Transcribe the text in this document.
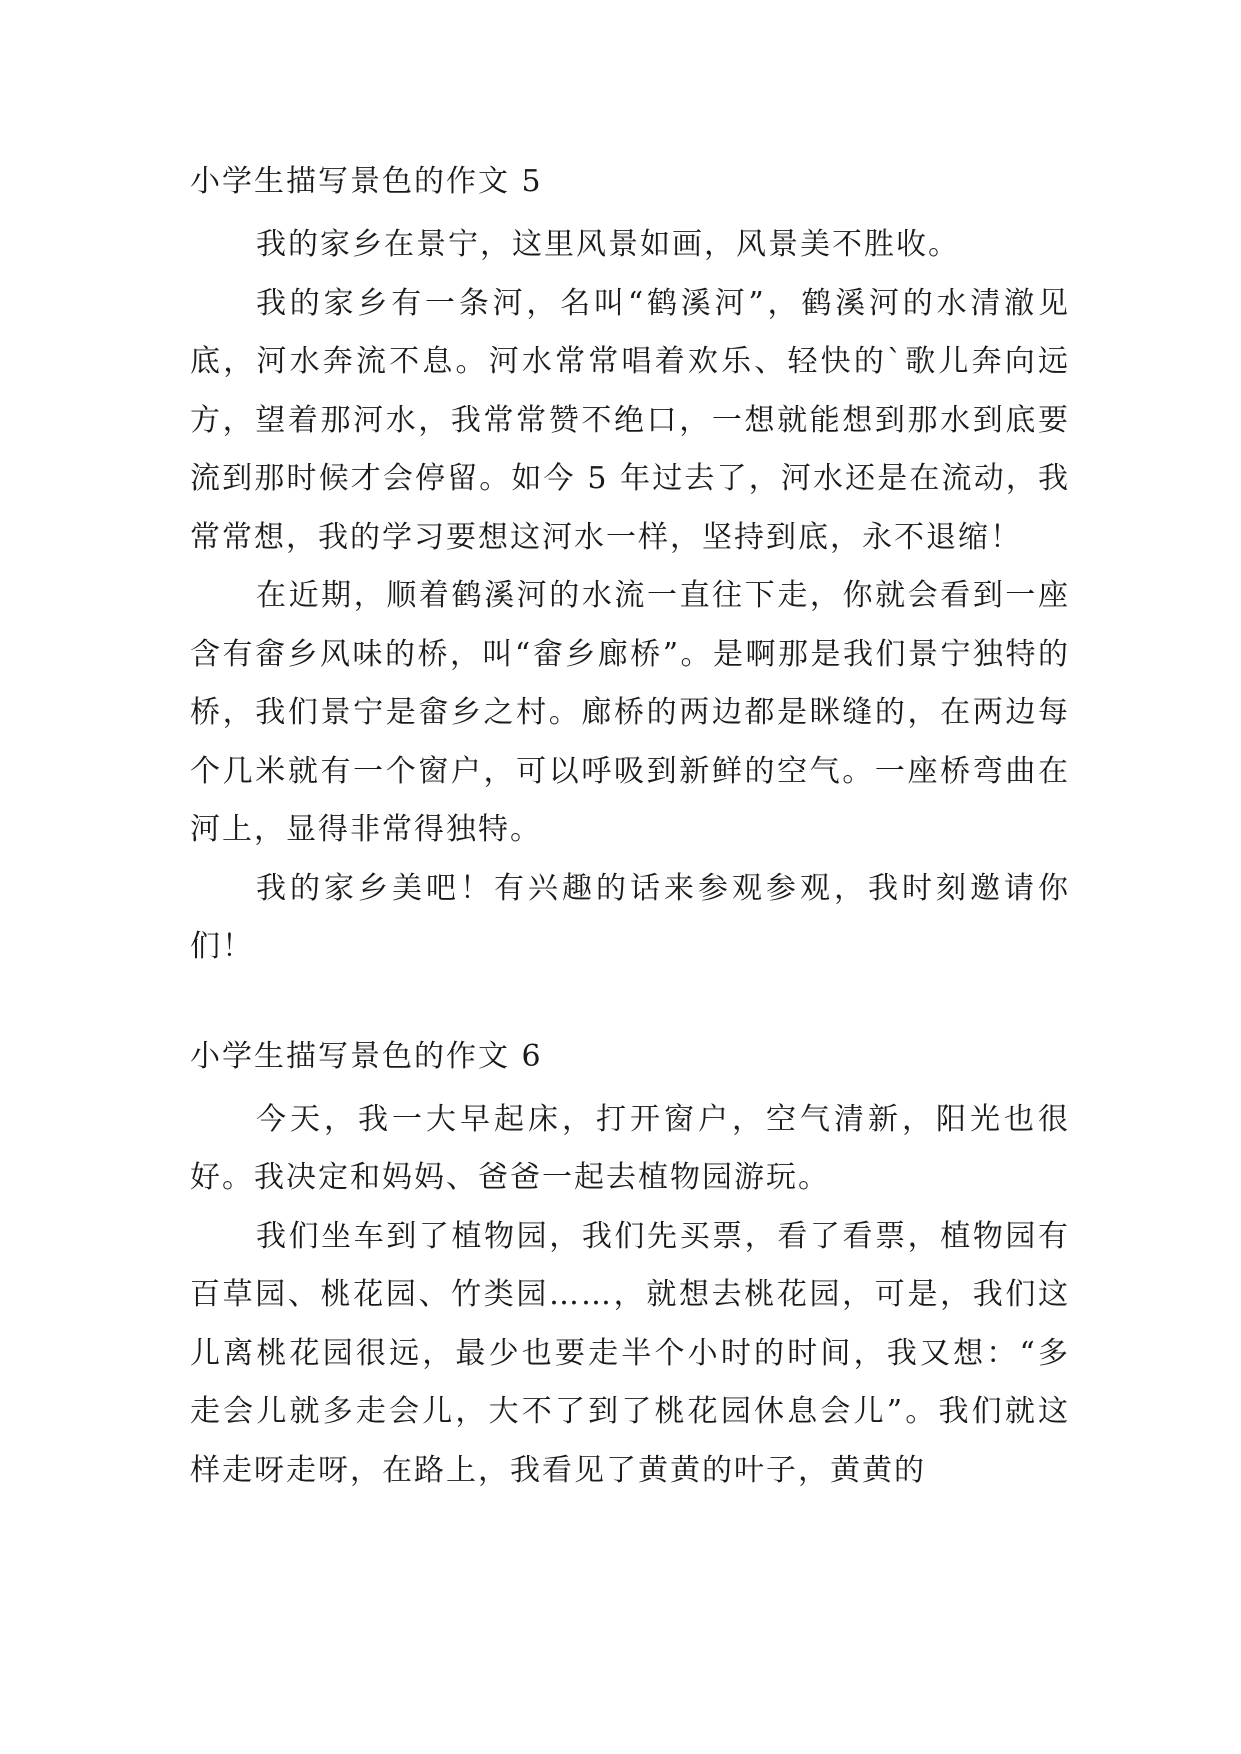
小学生描写景色的作文 5

我的家乡在景宁，这里风景如画，风景美不胜收。

我的家乡有一条河，名叫“鹤溪河”，鹤溪河的水清澈见底，河水奔流不息。河水常常唱着欢乐、轻快的`歌儿奔向远方，望着那河水，我常常赞不绝口，一想就能想到那水到底要流到那时候才会停留。如今 5 年过去了，河水还是在流动，我常常想，我的学习要想这河水一样，坚持到底，永不退缩！

在近期，顺着鹤溪河的水流一直往下走，你就会看到一座含有畲乡风味的桥，叫“畲乡廊桥”。是啊那是我们景宁独特的桥，我们景宁是畲乡之村。廊桥的两边都是眯缝的，在两边每个几米就有一个窗户，可以呼吸到新鲜的空气。一座桥弯曲在河上，显得非常得独特。

我的家乡美吧！有兴趣的话来参观参观，我时刻邀请你们！

小学生描写景色的作文 6

今天，我一大早起床，打开窗户，空气清新，阳光也很好。我决定和妈妈、爸爸一起去植物园游玩。

我们坐车到了植物园，我们先买票，看了看票，植物园有百草园、桃花园、竹类园……，就想去桃花园，可是，我们这儿离桃花园很远，最少也要走半个小时的时间，我又想：“多走会儿就多走会儿，大不了到了桃花园休息会儿”。我们就这样走呀走呀，在路上，我看见了黄黄的叶子，黄黄的
